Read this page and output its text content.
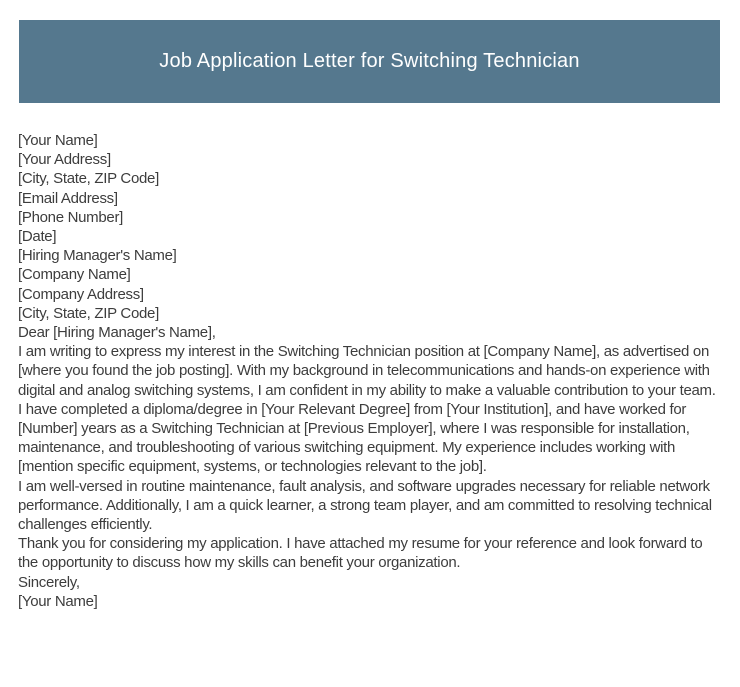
Job Application Letter for Switching Technician
[Your Name]
[Your Address]
[City, State, ZIP Code]
[Email Address]
[Phone Number]
[Date]
[Hiring Manager's Name]
[Company Name]
[Company Address]
[City, State, ZIP Code]
Dear [Hiring Manager's Name],

I am writing to express my interest in the Switching Technician position at [Company Name], as advertised on [where you found the job posting]. With my background in telecommunications and hands-on experience with digital and analog switching systems, I am confident in my ability to make a valuable contribution to your team.

I have completed a diploma/degree in [Your Relevant Degree] from [Your Institution], and have worked for [Number] years as a Switching Technician at [Previous Employer], where I was responsible for installation, maintenance, and troubleshooting of various switching equipment. My experience includes working with [mention specific equipment, systems, or technologies relevant to the job].

I am well-versed in routine maintenance, fault analysis, and software upgrades necessary for reliable network performance. Additionally, I am a quick learner, a strong team player, and am committed to resolving technical challenges efficiently.

Thank you for considering my application. I have attached my resume for your reference and look forward to the opportunity to discuss how my skills can benefit your organization.

Sincerely,
[Your Name]
